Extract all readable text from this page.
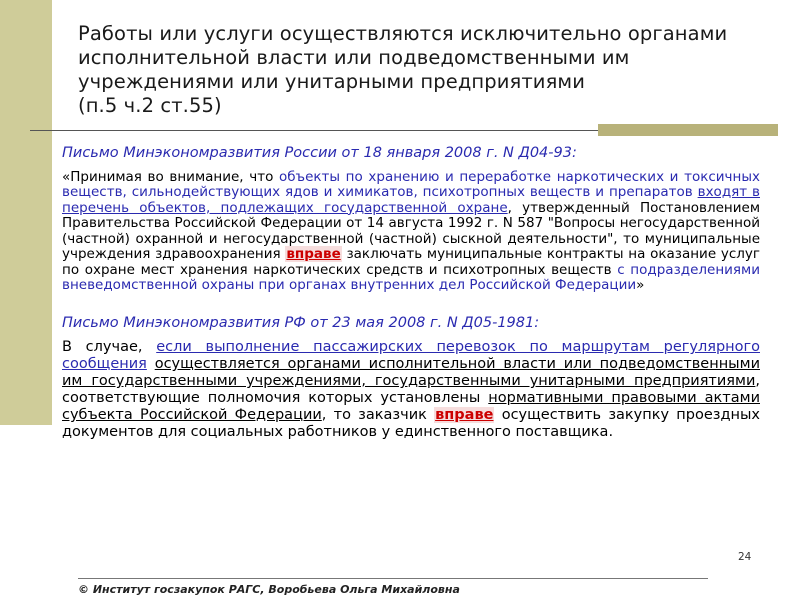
Работы или услуги осуществляются исключительно органами
исполнительной власти или подведомственными им
учреждениями или унитарными предприятиями
(п.5 ч.2 ст.55)
Письмо Минэкономразвития России от 18 января 2008 г. N Д04-93:

«Принимая во внимание, что объекты по хранению и переработке наркотических и токсичных веществ, сильнодействующих ядов и химикатов, психотропных веществ и препаратов входят в перечень объектов, подлежащих государственной охране, утвержденный Постановлением Правительства Российской Федерации от 14 августа 1992 г. N 587 "Вопросы негосударственной (частной) охранной и негосударственной (частной) сыскной деятельности", то муниципальные учреждения здравоохранения вправе заключать муниципальные контракты на оказание услуг по охране мест хранения наркотических средств и психотропных веществ с подразделениями вневедомственной охраны при органах внутренних дел Российской Федерации»

Письмо Минэкономразвития РФ от 23 мая 2008 г. N Д05-1981:

В случае, если выполнение пассажирских перевозок по маршрутам регулярного сообщения осуществляется органами исполнительной власти или подведомственными им государственными учреждениями, государственными унитарными предприятиями, соответствующие полномочия которых установлены нормативными правовыми актами субъекта Российской Федерации, то заказчик вправе осуществить закупку проездных документов для социальных работников у единственного поставщика.

24
© Институт госзакупок РАГС, Воробьева Ольга Михайловна
